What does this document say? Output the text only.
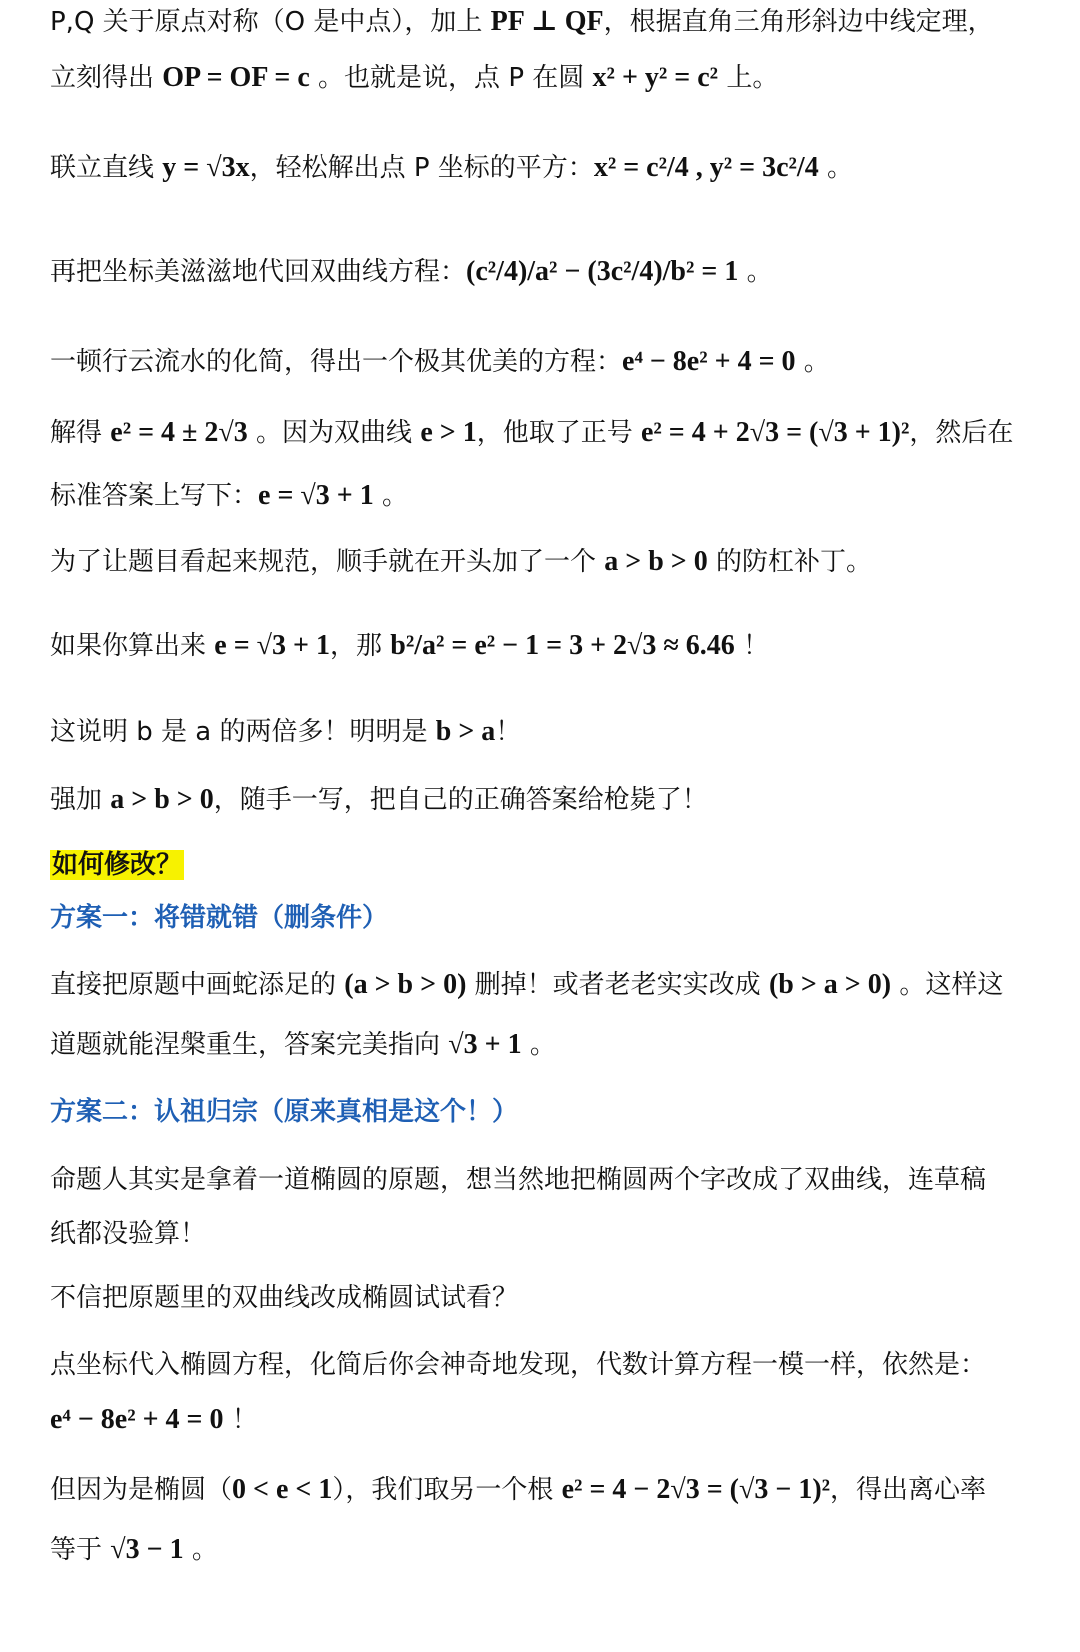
P,Q 关于原点对称（O 是中点），加上 PF ⊥ QF，根据直角三角形斜边中线定理，
立刻得出 OP = OF = c 。也就是说，点 P 在圆 x² + y² = c² 上。
联立直线 y = √3x，轻松解出点 P 坐标的平方：x² = c²/4 , y² = 3c²/4 。
再把坐标美滋滋地代回双曲线方程：(c²/4)/a² − (3c²/4)/b² = 1 。
一顿行云流水的化简，得出一个极其优美的方程：e⁴ − 8e² + 4 = 0 。
解得 e² = 4 ± 2√3 。因为双曲线 e > 1，他取了正号 e² = 4 + 2√3 = (√3 + 1)²，然后在
标准答案上写下：e = √3 + 1 。
为了让题目看起来规范，顺手就在开头加了一个 a > b > 0 的防杠补丁。
如果你算出来 e = √3 + 1，那 b²/a² = e² − 1 = 3 + 2√3 ≈ 6.46 ！
这说明 b 是 a 的两倍多！明明是 b > a！
强加 a > b > 0，随手一写，把自己的正确答案给枪毙了！
如何修改？
方案一：将错就错（删条件）
直接把原题中画蛇添足的 (a > b > 0) 删掉！或者老老实实改成 (b > a > 0) 。这样这
道题就能涅槃重生，答案完美指向 √3 + 1 。
方案二：认祖归宗（原来真相是这个！）
命题人其实是拿着一道椭圆的原题，想当然地把椭圆两个字改成了双曲线，连草稿
纸都没验算！
不信把原题里的双曲线改成椭圆试试看？
点坐标代入椭圆方程，化简后你会神奇地发现，代数计算方程一模一样，依然是：
e⁴ − 8e² + 4 = 0 ！
但因为是椭圆（0 < e < 1），我们取另一个根 e² = 4 − 2√3 = (√3 − 1)²，得出离心率
等于 √3 − 1 。
